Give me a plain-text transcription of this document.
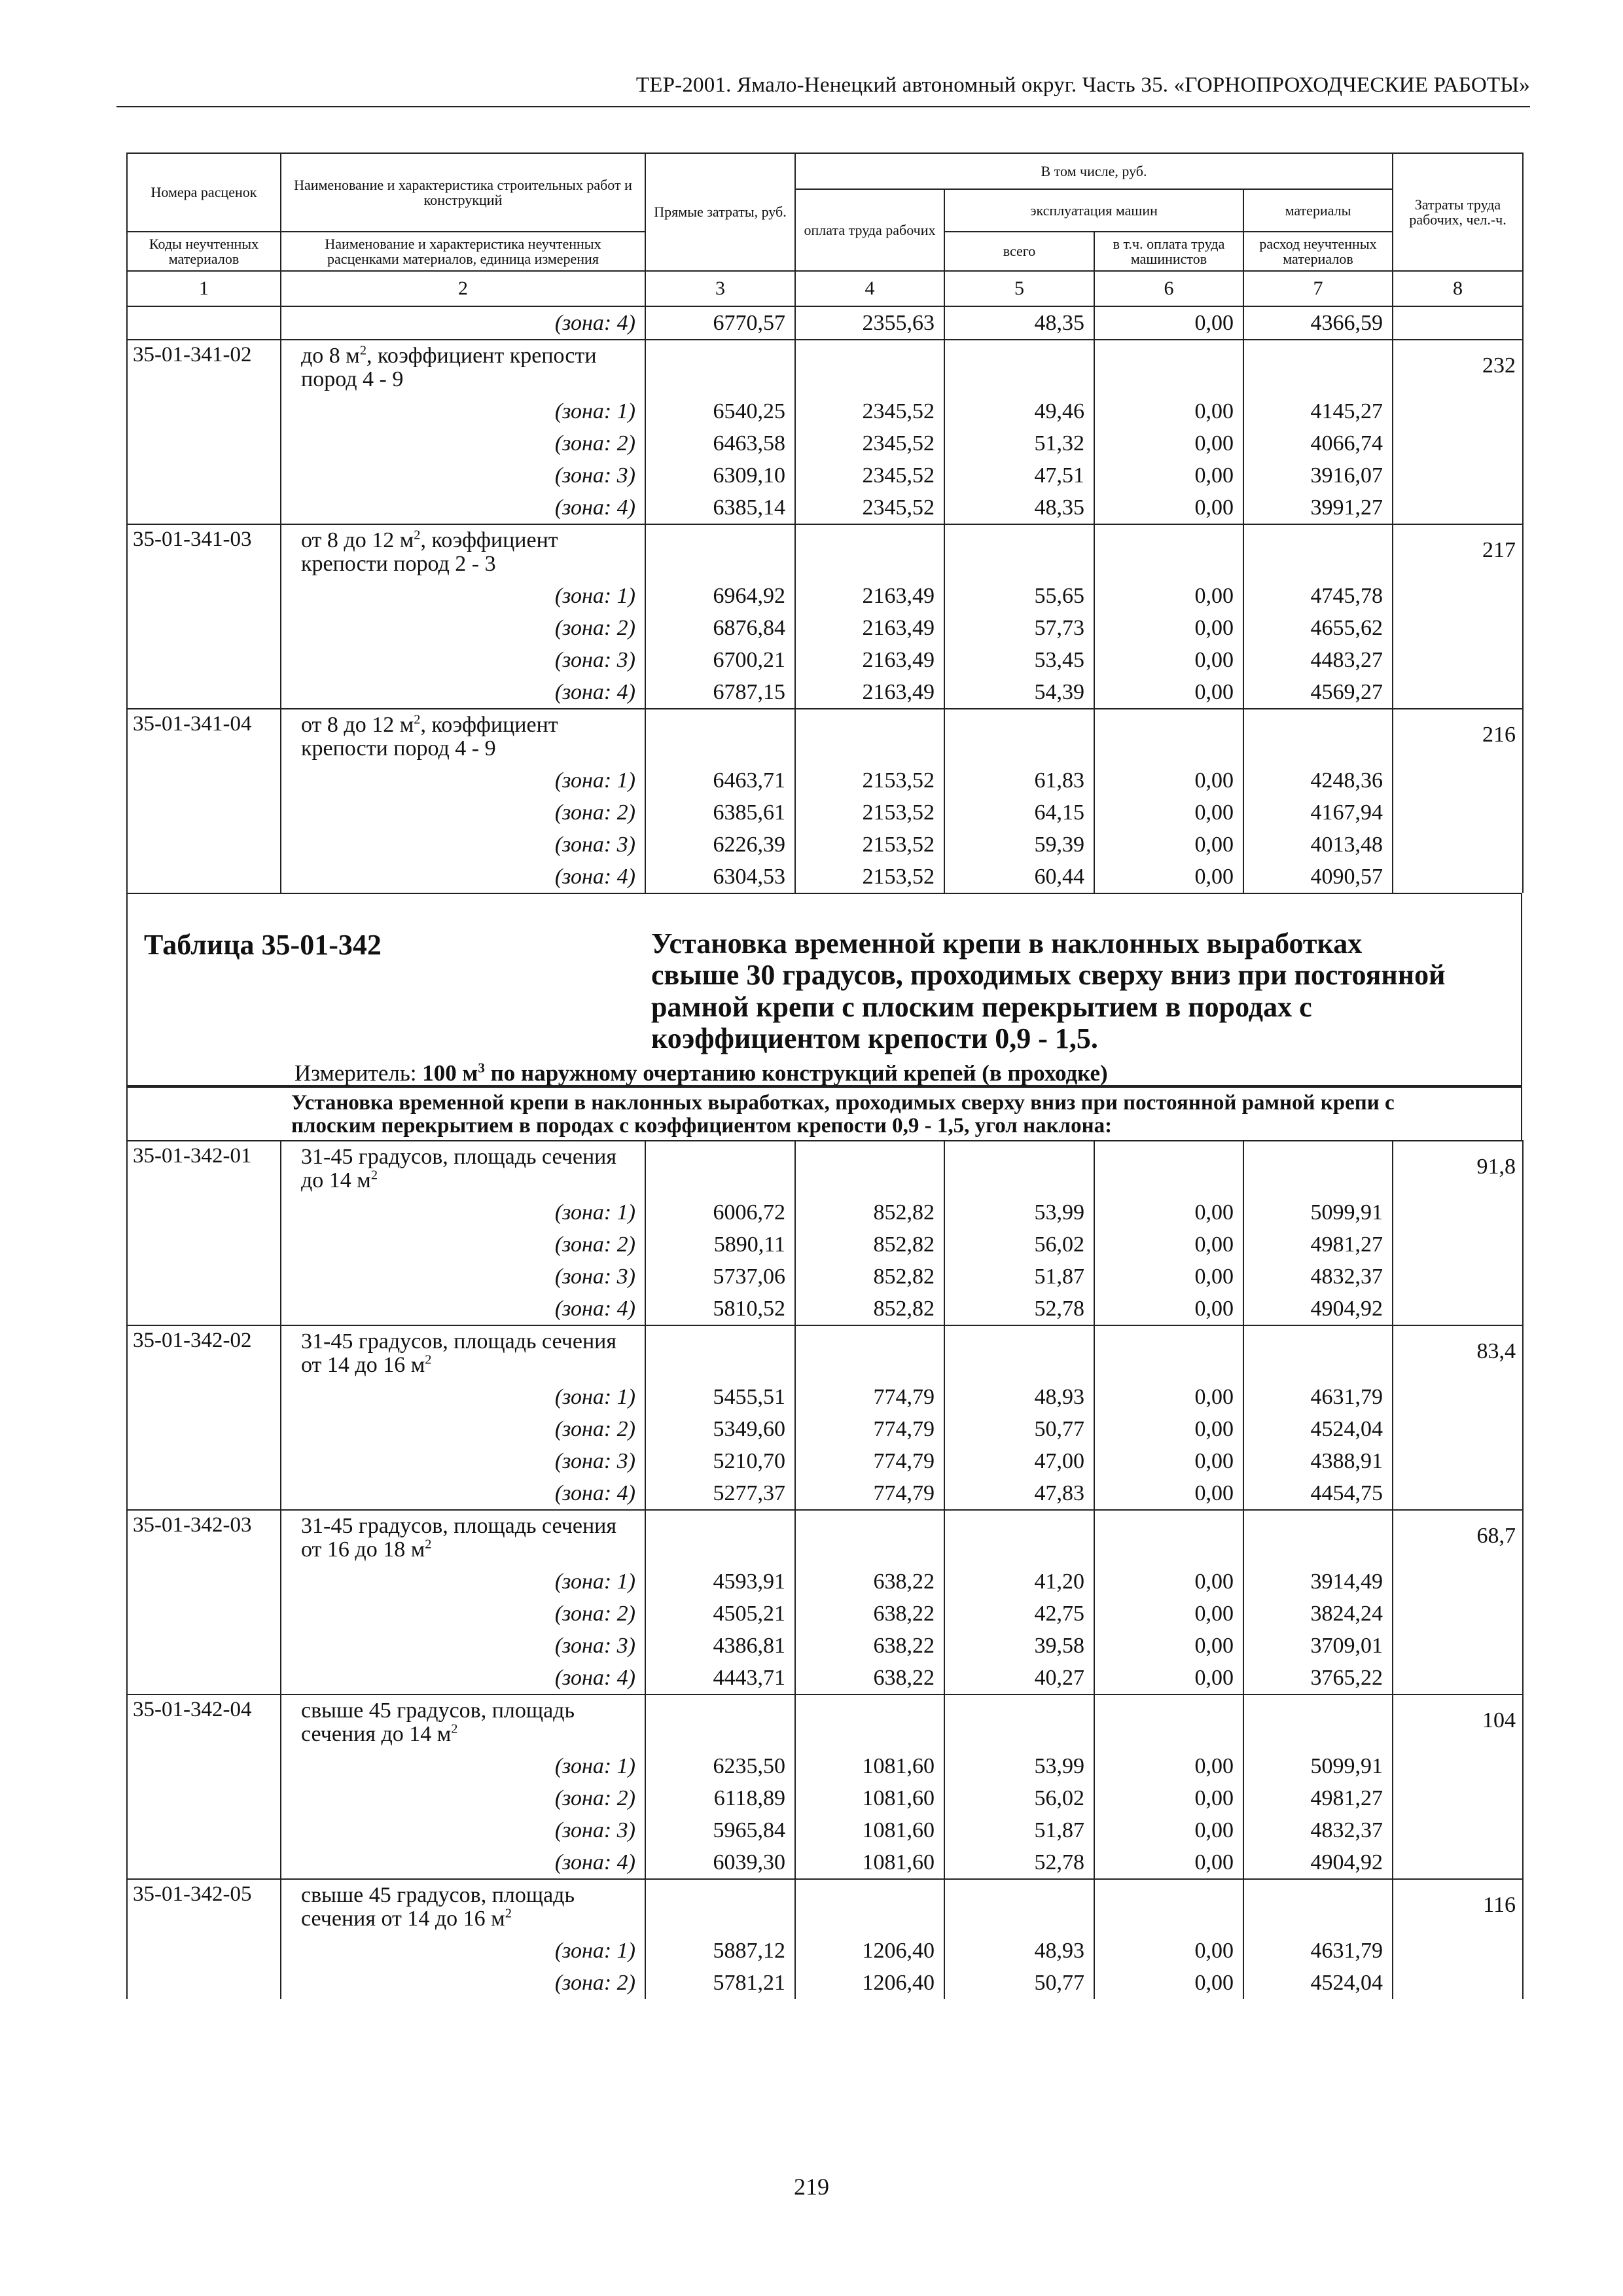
ТЕР-2001. Ямало-Ненецкий автономный округ. Часть 35. «ГОРНОПРОХОДЧЕСКИЕ РАБОТЫ»
Номера расценок	Наименование и характеристика строительных работ и конструкций	Прямые затраты, руб.	В том числе, руб.				Затраты труда рабочих, чел.-ч.
			оплата труда рабочих	эксплуатация машин		материалы	
Коды неучтенных материалов	Наименование и характеристика неучтенных расценками материалов, единица измерения			всего	в т.ч. оплата труда машинистов	расход неучтенных материалов	

1	2	3	4	5	6	7	8
	(зона: 4)	6770,57	2355,63	48,35	0,00	4366,59	
35-01-341-02	до 8 $м^2$, коэффициент крепости пород 4 - 9						232
	(зона: 1)	6540,25	2345,52	49,46	0,00	4145,27	
	(зона: 2)	6463,58	2345,52	51,32	0,00	4066,74	
	(зона: 3)	6309,10	2345,52	47,51	0,00	3916,07	
	(зона: 4)	6385,14	2345,52	48,35	0,00	3991,27	
35-01-341-03	от 8 до 12 $м^2$, коэффициент крепости пород 2 - 3						217
	(зона: 1)	6964,92	2163,49	55,65	0,00	4745,78	
	(зона: 2)	6876,84	2163,49	57,73	0,00	4655,62	
	(зона: 3)	6700,21	2163,49	53,45	0,00	4483,27	
	(зона: 4)	6787,15	2163,49	54,39	0,00	4569,27	
35-01-341-04	от 8 до 12 $м^2$, коэффициент крепости пород 4 - 9						216
	(зона: 1)	6463,71	2153,52	61,83	0,00	4248,36	
	(зона: 2)	6385,61	2153,52	64,15	0,00	4167,94	
	(зона: 3)	6226,39	2153,52	59,39	0,00	4013,48	
	(зона: 4)	6304,53	2153,52	60,44	0,00	4090,57	
Таблица 35-01-342	Установка временной крепи в наклонных выработках свыше 30 градусов, проходимых сверху вниз при постоянной рамной крепи с плоским перекрытием в породах с коэффициентом крепости 0,9 - 1,5.
Измеритель: 100 $м^3$ по наружному очертанию конструкций крепей (в проходке)
Установка временной крепи в наклонных выработках, проходимых сверху вниз при постоянной рамной крепи с плоским перекрытием в породах с коэффициентом крепости 0,9 - 1,5, угол наклона:
35-01-342-01	31-45 градусов, площадь сечения до 14 $м^2$						91,8
	(зона: 1)	6006,72	852,82	53,99	0,00	5099,91	
	(зона: 2)	5890,11	852,82	56,02	0,00	4981,27	
	(зона: 3)	5737,06	852,82	51,87	0,00	4832,37	
	(зона: 4)	5810,52	852,82	52,78	0,00	4904,92	
35-01-342-02	31-45 градусов, площадь сечения от 14 до 16 $м^2$						83,4
	(зона: 1)	5455,51	774,79	48,93	0,00	4631,79	
	(зона: 2)	5349,60	774,79	50,77	0,00	4524,04	
	(зона: 3)	5210,70	774,79	47,00	0,00	4388,91	
	(зона: 4)	5277,37	774,79	47,83	0,00	4454,75	
35-01-342-03	31-45 градусов, площадь сечения от 16 до 18 $м^2$						68,7
	(зона: 1)	4593,91	638,22	41,20	0,00	3914,49	
	(зона: 2)	4505,21	638,22	42,75	0,00	3824,24	
	(зона: 3)	4386,81	638,22	39,58	0,00	3709,01	
	(зона: 4)	4443,71	638,22	40,27	0,00	3765,22	
35-01-342-04	свыше 45 градусов, площадь сечения до 14 $м^2$						104
	(зона: 1)	6235,50	1081,60	53,99	0,00	5099,91	
	(зона: 2)	6118,89	1081,60	56,02	0,00	4981,27	
	(зона: 3)	5965,84	1081,60	51,87	0,00	4832,37	
	(зона: 4)	6039,30	1081,60	52,78	0,00	4904,92	
35-01-342-05	свыше 45 градусов, площадь сечения от 14 до 16 $м^2$						116
	(зона: 1)	5887,12	1206,40	48,93	0,00	4631,79	
	(зона: 2)	5781,21	1206,40	50,77	0,00	4524,04	
219
